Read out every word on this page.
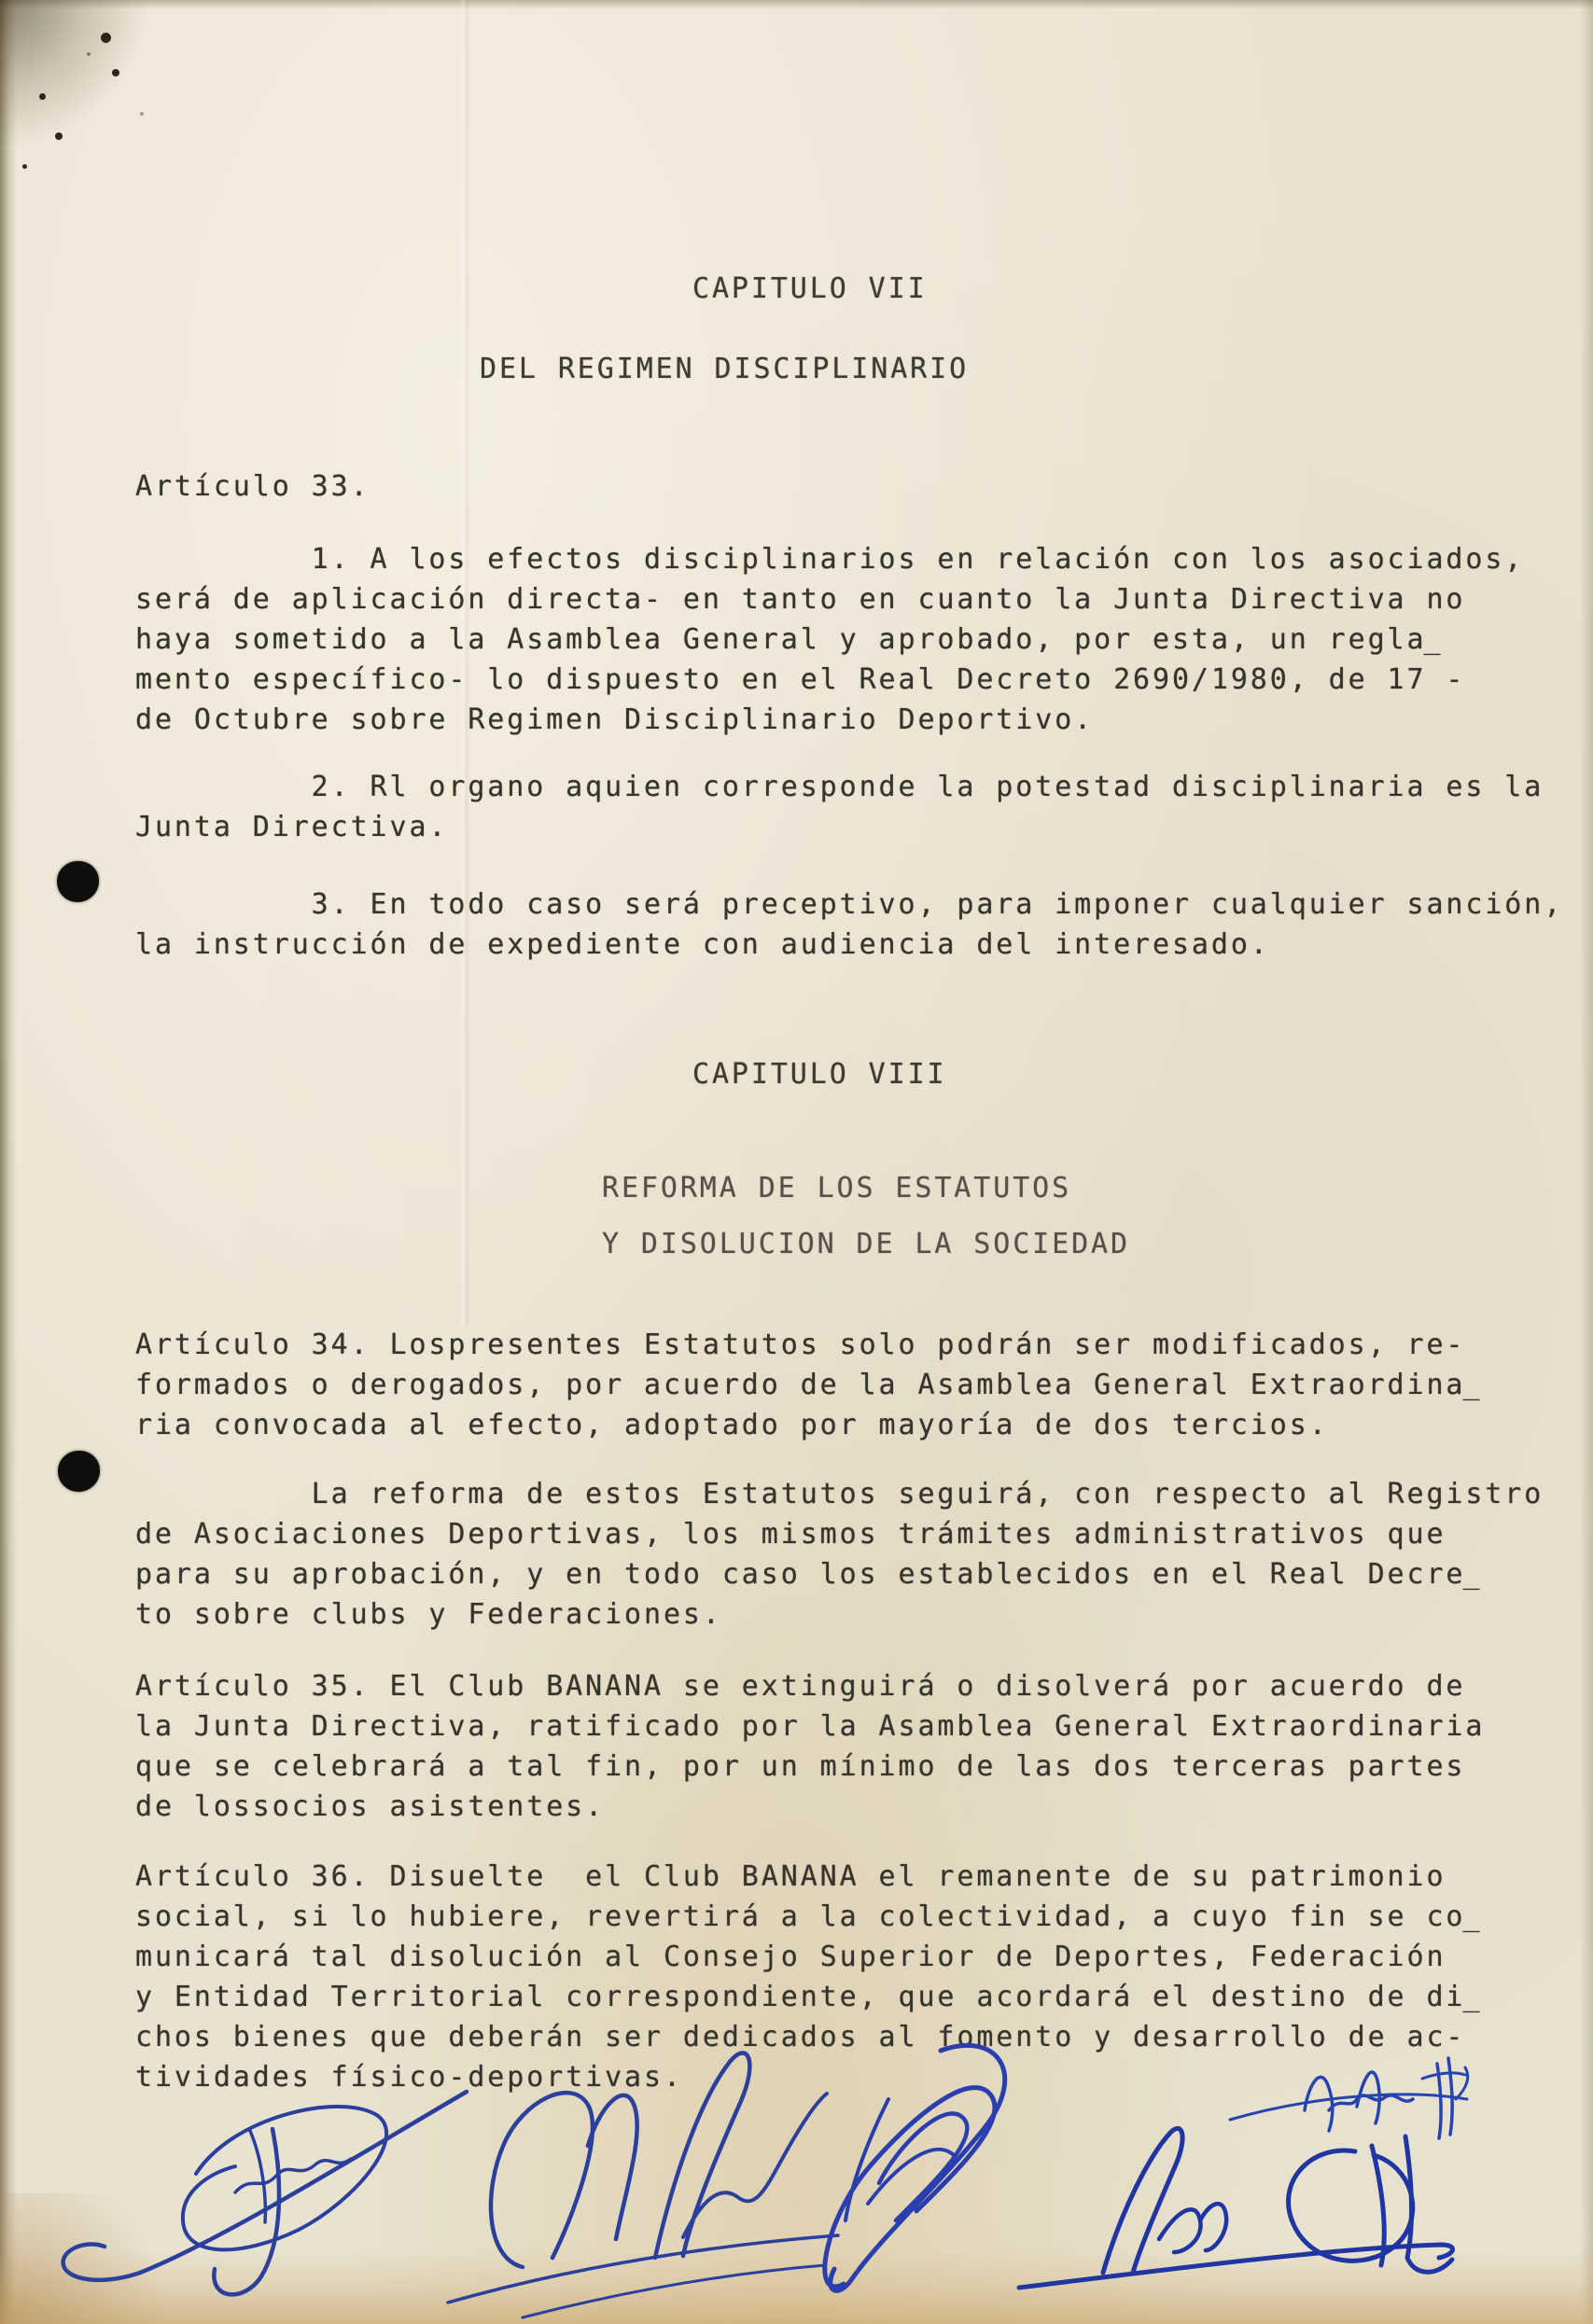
CAPITULO VII
DEL REGIMEN DISCIPLINARIO
Artículo 33.
1. A los efectos disciplinarios en relación con los asociados,
será de aplicación directa- en tanto en cuanto la Junta Directiva no
haya sometido a la Asamblea General y aprobado, por esta, un regla̲
mento específico- lo dispuesto en el Real Decreto 2690/1980, de 17 -
de Octubre sobre Regimen Disciplinario Deportivo.
2. Rl organo aquien corresponde la potestad disciplinaria es la
Junta Directiva.
3. En todo caso será preceptivo, para imponer cualquier sanción,
la instrucción de expediente con audiencia del interesado.
CAPITULO VIII
REFORMA DE LOS ESTATUTOS
Y DISOLUCION DE LA SOCIEDAD
Artículo 34. Lospresentes Estatutos solo podrán ser modificados, re-
formados o derogados, por acuerdo de la Asamblea General Extraordina̲
ria convocada al efecto, adoptado por mayoría de dos tercios.
La reforma de estos Estatutos seguirá, con respecto al Registro
de Asociaciones Deportivas, los mismos trámites administrativos que
para su aprobación, y en todo caso los establecidos en el Real Decre̲
to sobre clubs y Federaciones.
Artículo 35. El Club BANANA se extinguirá o disolverá por acuerdo de
la Junta Directiva, ratificado por la Asamblea General Extraordinaria
que se celebrará a tal fin, por un mínimo de las dos terceras partes
de lossocios asistentes.
Artículo 36. Disuelte  el Club BANANA el remanente de su patrimonio
social, si lo hubiere, revertirá a la colectividad, a cuyo fin se co̲
municará tal disolución al Consejo Superior de Deportes, Federación
y Entidad Territorial correspondiente, que acordará el destino de di̲
chos bienes que deberán ser dedicados al fomento y desarrollo de ac-
tividades físico-deportivas.
